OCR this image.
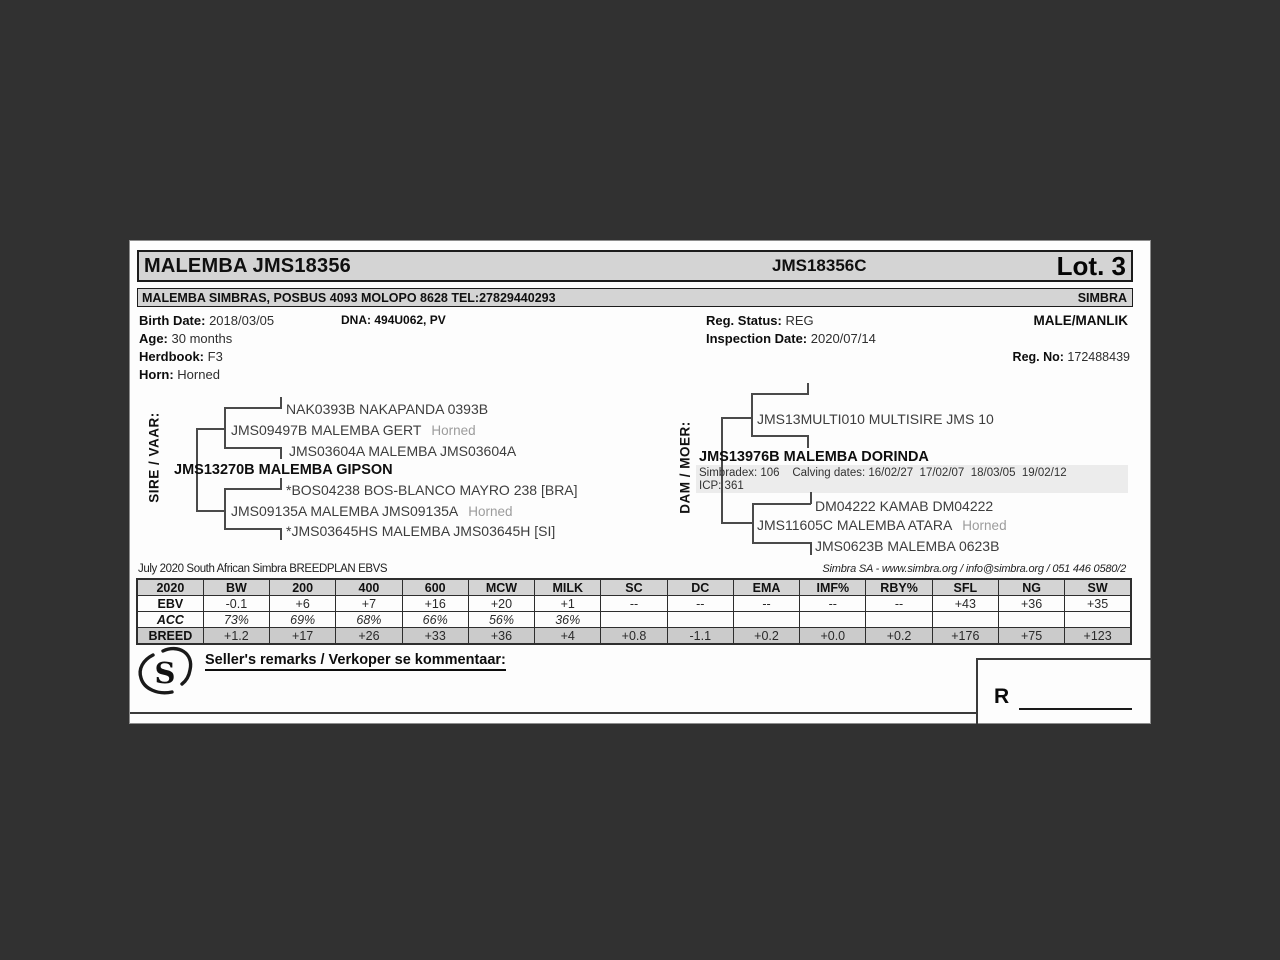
MALEMBA JMS18356	JMS18356C	Lot. 3
MALEMBA SIMBRAS, POSBUS 4093 MOLOPO 8628 TEL:27829440293	SIMBRA
Birth Date: 2018/03/05	DNA: 494U062, PV
Age: 30 months
Herdbook: F3
Horn: Horned
Reg. Status: REG
Inspection Date: 2020/07/14
MALE/MANLIK
Reg. No: 172488439
SIRE / VAAR:
NAK0393B NAKAPANDA 0393B
JMS09497B MALEMBA GERT Horned
JMS03604A MALEMBA JMS03604A
JMS13270B MALEMBA GIPSON
*BOS04238 BOS-BLANCO MAYRO 238 [BRA]
JMS09135A MALEMBA JMS09135A Horned
*JMS03645HS MALEMBA JMS03645H [SI]
DAM / MOER:
JMS13MULTI010 MULTISIRE JMS 10
JMS13976B MALEMBA DORINDA
Simbradex: 106    Calving dates: 16/02/27  17/02/07  18/03/05  19/02/12
ICP: 361
DM04222 KAMAB DM04222
JMS11605C MALEMBA ATARA Horned
JMS0623B MALEMBA 0623B
July 2020 South African Simbra BREEDPLAN EBVS	Simbra SA - www.simbra.org / info@simbra.org / 051 446 0580/2
2020	BW	200	400	600	MCW	MILK	SC	DC	EMA	IMF%	RBY%	SFL	NG	SW
EBV	-0.1	+6	+7	+16	+20	+1	--	--	--	--	--	+43	+36	+35
ACC	73%	69%	68%	66%	56%	36%								
BREED	+1.2	+17	+26	+33	+36	+4	+0.8	-1.1	+0.2	+0.0	+0.2	+176	+75	+123
S Seller's remarks / Verkoper se kommentaar:
R
